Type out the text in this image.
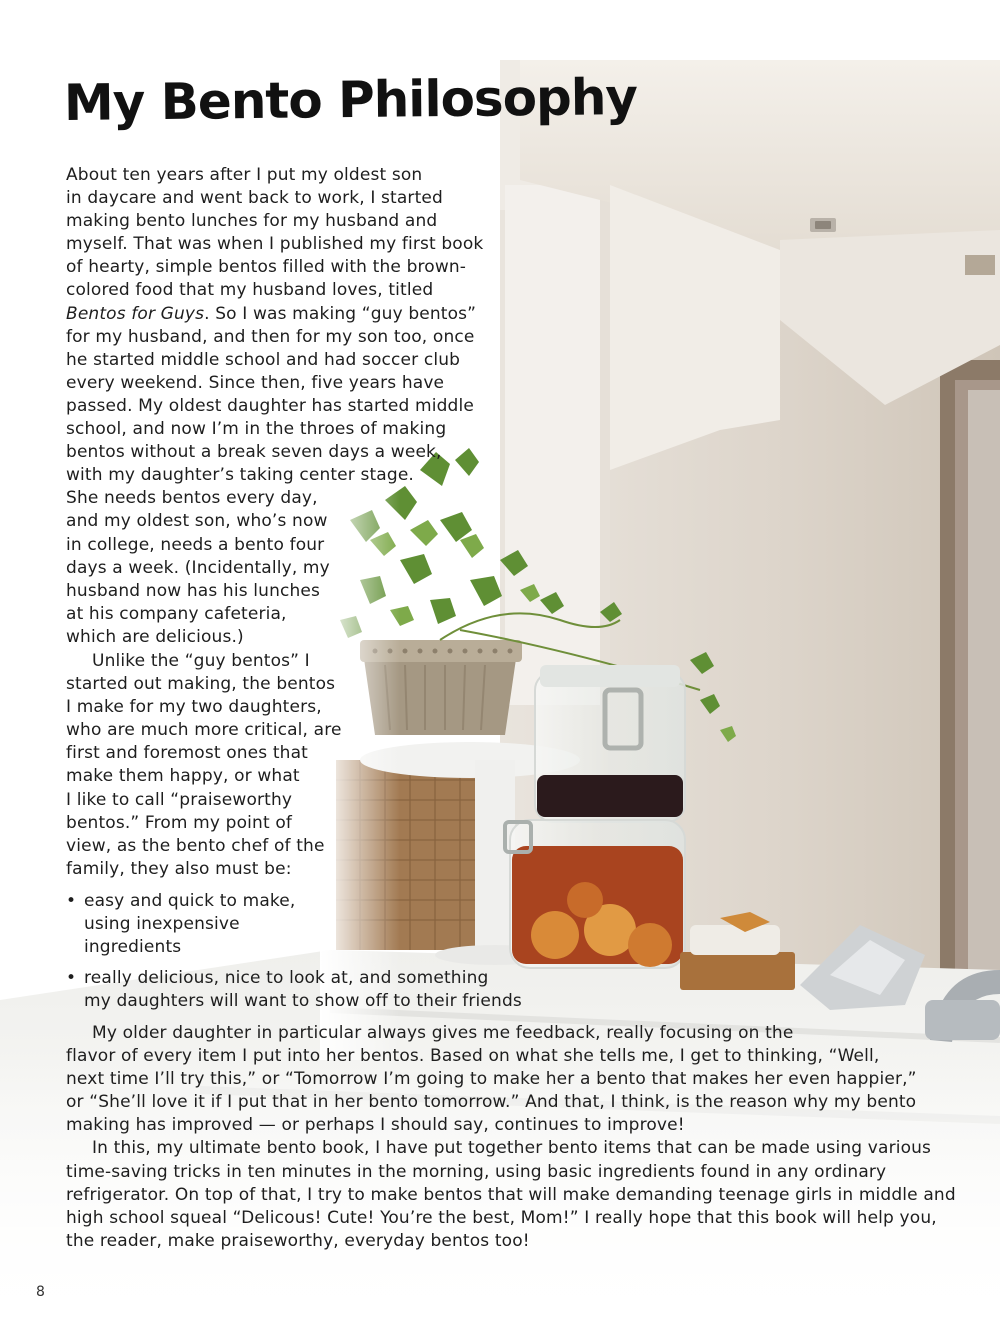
My Bento Philosophy
About ten years after I put my oldest son
in daycare and went back to work, I started
making bento lunches for my husband and
myself. That was when I published my first book
of hearty, simple bentos filled with the brown-
colored food that my husband loves, titled
Bentos for Guys. So I was making “guy bentos”
for my husband, and then for my son too, once
he started middle school and had soccer club
every weekend. Since then, five years have
passed. My oldest daughter has started middle
school, and now I’m in the throes of making
bentos without a break seven days a week,
with my daughter’s taking center stage.
She needs bentos every day,
and my oldest son, who’s now
in college, needs a bento four
days a week. (Incidentally, my
husband now has his lunches
at his company cafeteria,
which are delicious.)
Unlike the “guy bentos” I
started out making, the bentos
I make for my two daughters,
who are much more critical, are
first and foremost ones that
make them happy, or what
I like to call “praiseworthy
bentos.” From my point of
view, as the bento chef of the
family, they also must be:
• easy and quick to make,
using inexpensive
ingredients
• really delicious, nice to look at, and something
my daughters will want to show off to their friends
My older daughter in particular always gives me feedback, really focusing on the
flavor of every item I put into her bentos. Based on what she tells me, I get to thinking, “Well,
next time I’ll try this,” or “Tomorrow I’m going to make her a bento that makes her even happier,”
or “She’ll love it if I put that in her bento tomorrow.” And that, I think, is the reason why my bento
making has improved — or perhaps I should say, continues to improve!
In this, my ultimate bento book, I have put together bento items that can be made using various
time-saving tricks in ten minutes in the morning, using basic ingredients found in any ordinary
refrigerator. On top of that, I try to make bentos that will make demanding teenage girls in middle and
high school squeal “Delicous! Cute! You’re the best, Mom!” I really hope that this book will help you,
the reader, make praiseworthy, everyday bentos too!
8
